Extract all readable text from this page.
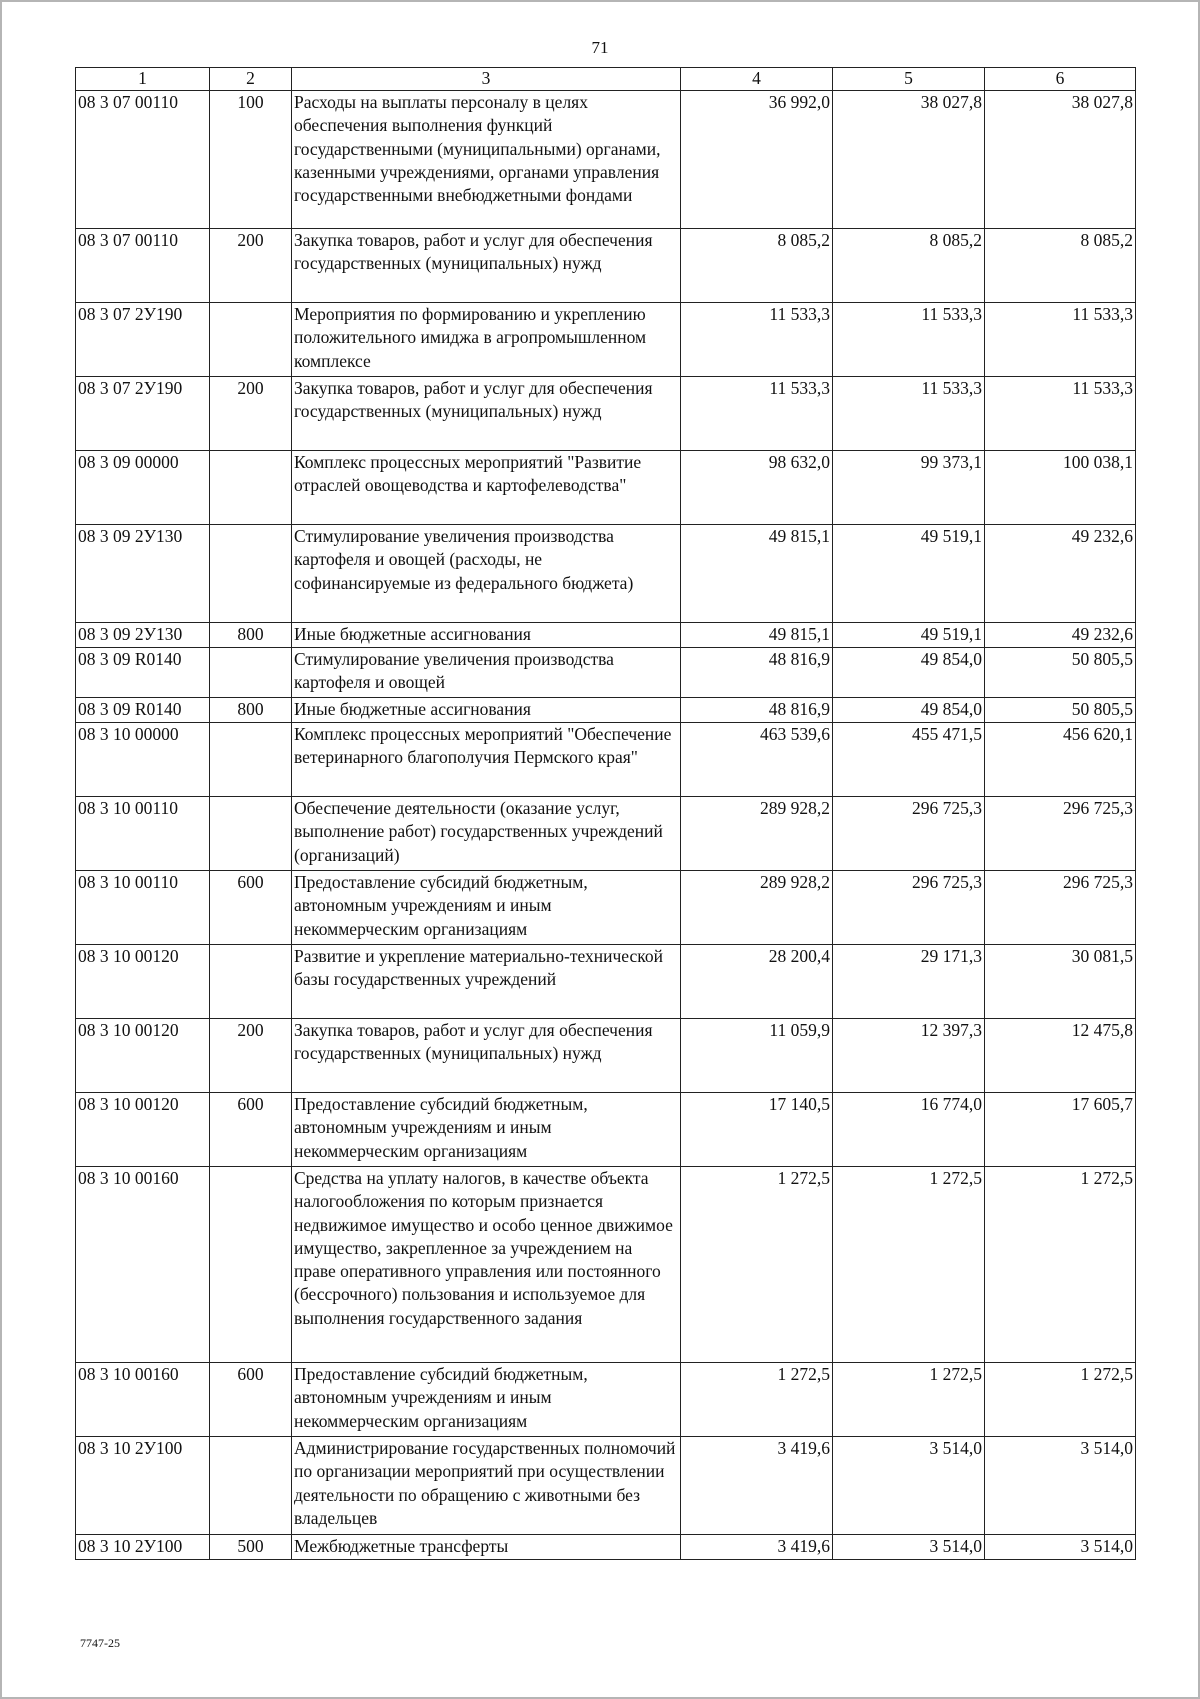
71
1	2	3	4	5	6
08 3 07 00110	100	Расходы на выплаты персоналу в целях обеспечения выполнения функций государственными (муниципальными) органами, казенными учреждениями, органами управления государственными внебюджетными фондами	36 992,0	38 027,8	38 027,8
08 3 07 00110	200	Закупка товаров, работ и услуг для обеспечения государственных (муниципальных) нужд	8 085,2	8 085,2	8 085,2
08 3 07 2У190		Мероприятия по формированию и укреплению положительного имиджа в агропромышленном комплексе	11 533,3	11 533,3	11 533,3
08 3 07 2У190	200	Закупка товаров, работ и услуг для обеспечения государственных (муниципальных) нужд	11 533,3	11 533,3	11 533,3
08 3 09 00000		Комплекс процессных мероприятий "Развитие отраслей овощеводства и картофелеводства"	98 632,0	99 373,1	100 038,1
08 3 09 2У130		Стимулирование увеличения производства картофеля и овощей (расходы, не софинансируемые из федерального бюджета)	49 815,1	49 519,1	49 232,6
08 3 09 2У130	800	Иные бюджетные ассигнования	49 815,1	49 519,1	49 232,6
08 3 09 R0140		Стимулирование увеличения производства картофеля и овощей	48 816,9	49 854,0	50 805,5
08 3 09 R0140	800	Иные бюджетные ассигнования	48 816,9	49 854,0	50 805,5
08 3 10 00000		Комплекс процессных мероприятий "Обеспечение ветеринарного благополучия Пермского края"	463 539,6	455 471,5	456 620,1
08 3 10 00110		Обеспечение деятельности (оказание услуг, выполнение работ) государственных учреждений (организаций)	289 928,2	296 725,3	296 725,3
08 3 10 00110	600	Предоставление субсидий бюджетным, автономным учреждениям и иным некоммерческим организациям	289 928,2	296 725,3	296 725,3
08 3 10 00120		Развитие и укрепление материально-технической базы государственных учреждений	28 200,4	29 171,3	30 081,5
08 3 10 00120	200	Закупка товаров, работ и услуг для обеспечения государственных (муниципальных) нужд	11 059,9	12 397,3	12 475,8
08 3 10 00120	600	Предоставление субсидий бюджетным, автономным учреждениям и иным некоммерческим организациям	17 140,5	16 774,0	17 605,7
08 3 10 00160		Средства на уплату налогов, в качестве объекта налогообложения по которым признается недвижимое имущество и особо ценное движимое имущество, закрепленное за учреждением на праве оперативного управления или постоянного (бессрочного) пользования и используемое для выполнения государственного задания	1 272,5	1 272,5	1 272,5
08 3 10 00160	600	Предоставление субсидий бюджетным, автономным учреждениям и иным некоммерческим организациям	1 272,5	1 272,5	1 272,5
08 3 10 2У100		Администрирование государственных полномочий по организации мероприятий при осуществлении деятельности по обращению с животными без владельцев	3 419,6	3 514,0	3 514,0
08 3 10 2У100	500	Межбюджетные трансферты	3 419,6	3 514,0	3 514,0
7747-25
